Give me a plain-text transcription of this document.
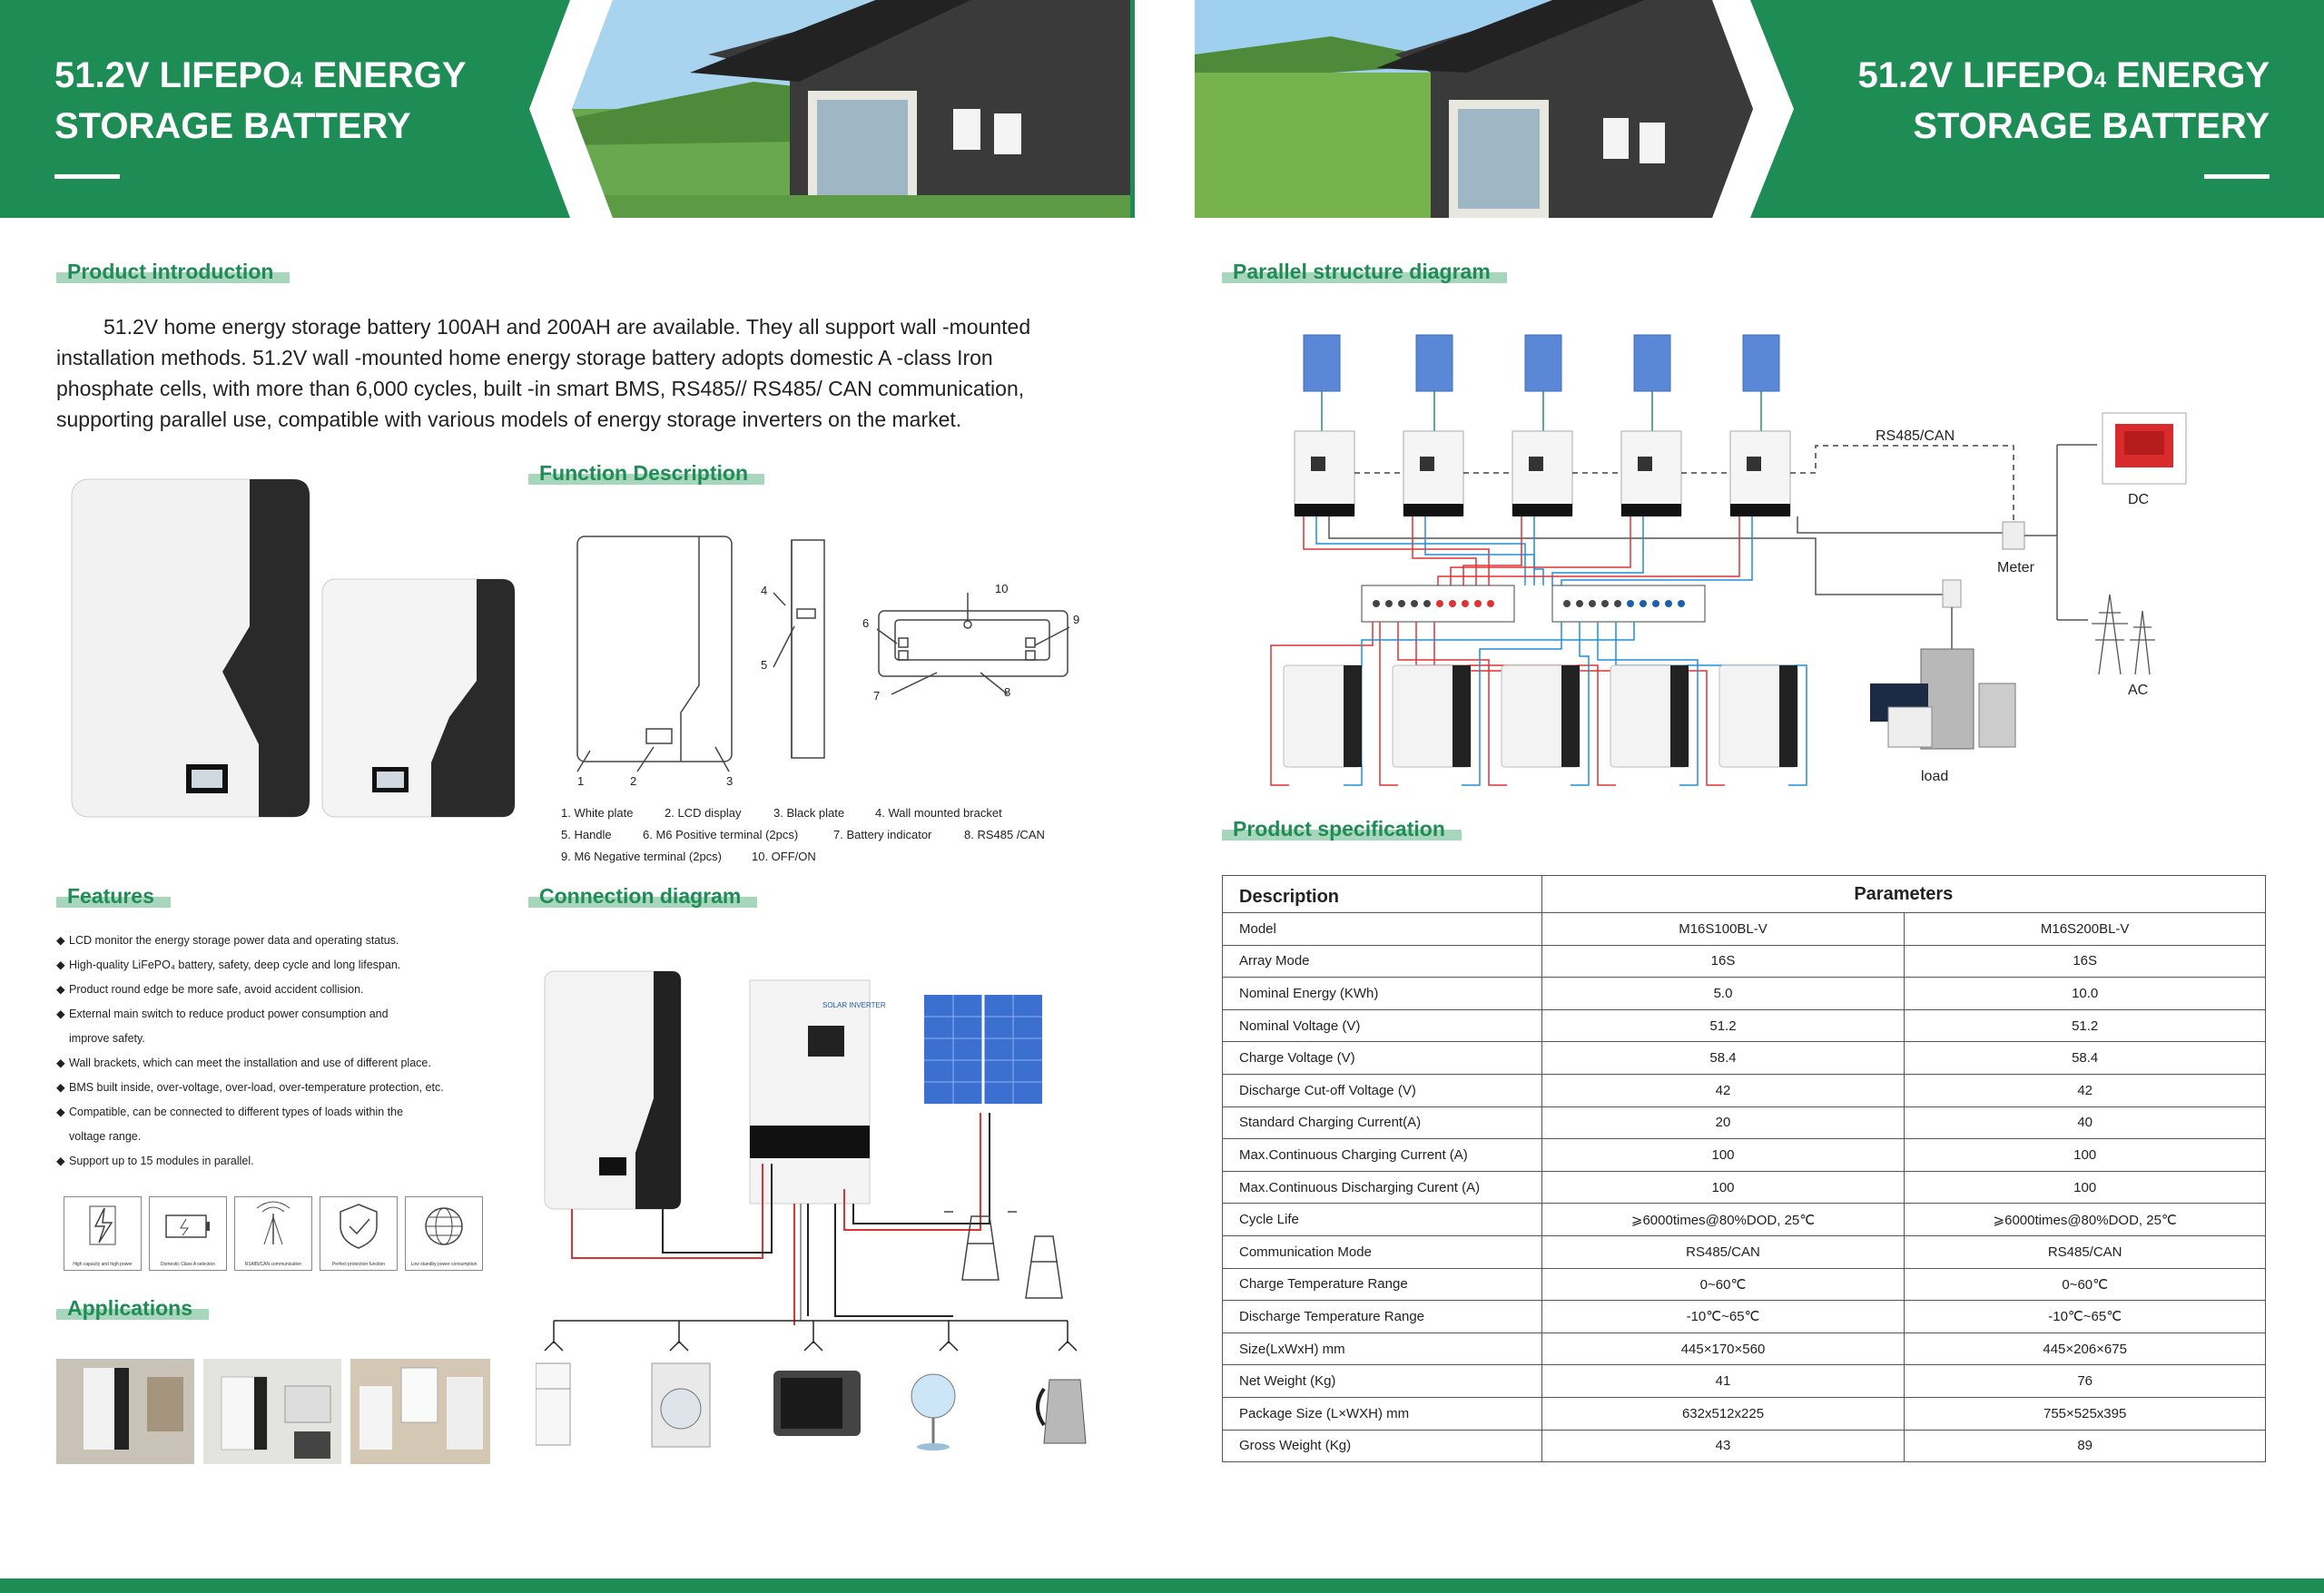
51.2V LIFEPO4 ENERGY
STORAGE BATTERY
51.2V LIFEPO4 ENERGY
STORAGE BATTERY
Product introduction
51.2V home energy storage battery 100AH and 200AH are available. They all support wall -mounted installation methods. 51.2V wall -mounted home energy storage battery adopts domestic A -class Iron phosphate cells, with more than 6,000 cycles, built -in smart BMS, RS485// RS485/ CAN communication, supporting parallel use, compatible with various models of energy storage inverters on the market.
Function Description
1	2	3
4
5
6
7	8
9
10
1. White plate	2. LCD display	3. Black plate	4. Wall mounted bracket
5. Handle	6. M6 Positive terminal (2pcs)	7. Battery indicator	8. RS485 /CAN
9. M6 Negative terminal (2pcs)	10. OFF/ON
Features
◆ LCD monitor the energy storage power data and operating status.
◆ High-quality LiFePO₄ battery, safety, deep cycle and long lifespan.
◆ Product round edge be more safe, avoid accident collision.
◆ External main switch to reduce product power consumption and
improve safety.
◆ Wall brackets, which can meet the installation and use of different place.
◆ BMS built inside, over-voltage, over-load, over-temperature protection, etc.
◆ Compatible, can be connected to different types of loads within the
voltage range.
◆ Support up to 15 modules in parallel.
High capacity and high power	Domestic Class A selection	RS485/CAN communication	Perfect protection function	Low standby power consumption
Applications
Connection diagram
SOLAR INVERTER
Parallel structure diagram
RS485/CAN
Meter
DC
AC
load
Product specification
Description	Parameters	
Model	M16S100BL-V	M16S200BL-V
Array Mode	16S	16S
Nominal Energy (KWh)	5.0	10.0
Nominal Voltage (V)	51.2	51.2
Charge Voltage (V)	58.4	58.4
Discharge Cut-off Voltage (V)	42	42
Standard Charging Current(A)	20	40
Max.Continuous Charging Current (A)	100	100
Max.Continuous Discharging Curent (A)	100	100
Cycle Life	⩾6000times@80%DOD, 25℃	⩾6000times@80%DOD, 25℃
Communication Mode	RS485/CAN	RS485/CAN
Charge Temperature Range	0~60℃	0~60℃
Discharge Temperature Range	-10℃~65℃	-10℃~65℃
Size(LxWxH) mm	445×170×560	445×206×675
Net Weight (Kg)	41	76
Package Size (L×WXH) mm	632x512x225	755×525x395
Gross Weight (Kg)	43	89
